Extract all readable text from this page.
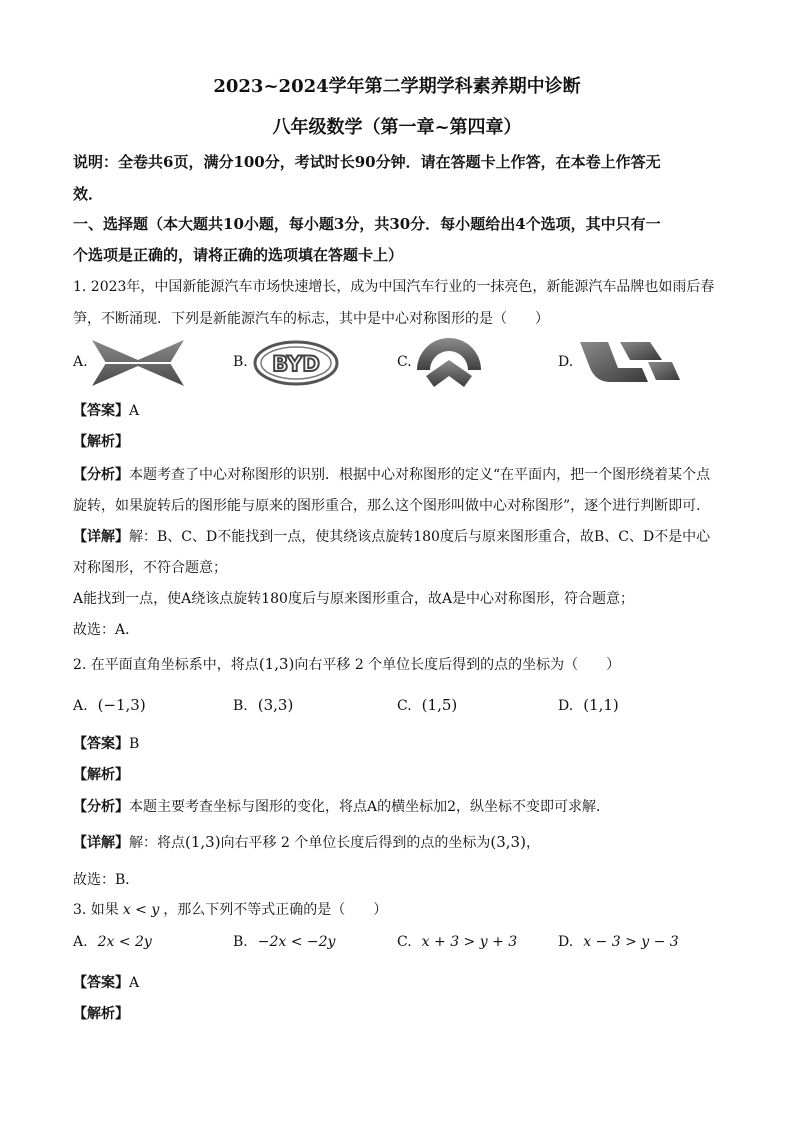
2023~2024学年第二学期学科素养期中诊断
八年级数学（第一章~第四章）
说明：全卷共6页，满分100分，考试时长90分钟．请在答题卡上作答，在本卷上作答无
效．
一、选择题（本大题共10小题，每小题3分，共30分．每小题给出4个选项，其中只有一
个选项是正确的，请将正确的选项填在答题卡上）
1. 2023年，中国新能源汽车市场快速增长，成为中国汽车行业的一抹亮色，新能源汽车品牌也如雨后春
笋，不断涌现．下列是新能源汽车的标志，其中是中心对称图形的是（　　）
A.	B.	C.	D.
BYD
【答案】A
【解析】
【分析】本题考查了中心对称图形的识别．根据中心对称图形的定义“在平面内，把一个图形绕着某个点
旋转，如果旋转后的图形能与原来的图形重合，那么这个图形叫做中心对称图形”，逐个进行判断即可．
【详解】解：B、C、D不能找到一点，使其绕该点旋转180度后与原来图形重合，故B、C、D不是中心
对称图形，不符合题意；
A能找到一点，使A绕该点旋转180度后与原来图形重合，故A是中心对称图形，符合题意；
故选：A．
2. 在平面直角坐标系中，将点(1,3)向右平移 2 个单位长度后得到的点的坐标为（　　）
A. (−1,3)	B. (3,3)	C. (1,5)	D. (1,1)
【答案】B
【解析】
【分析】本题主要考查坐标与图形的变化，将点A的横坐标加2，纵坐标不变即可求解．
【详解】解：将点(1,3)向右平移 2 个单位长度后得到的点的坐标为(3,3)，
故选：B．
3. 如果 x < y ，那么下列不等式正确的是（　　）
A. 2x < 2y	B. −2x < −2y	C. x + 3 > y + 3	D. x − 3 > y − 3
【答案】A
【解析】
